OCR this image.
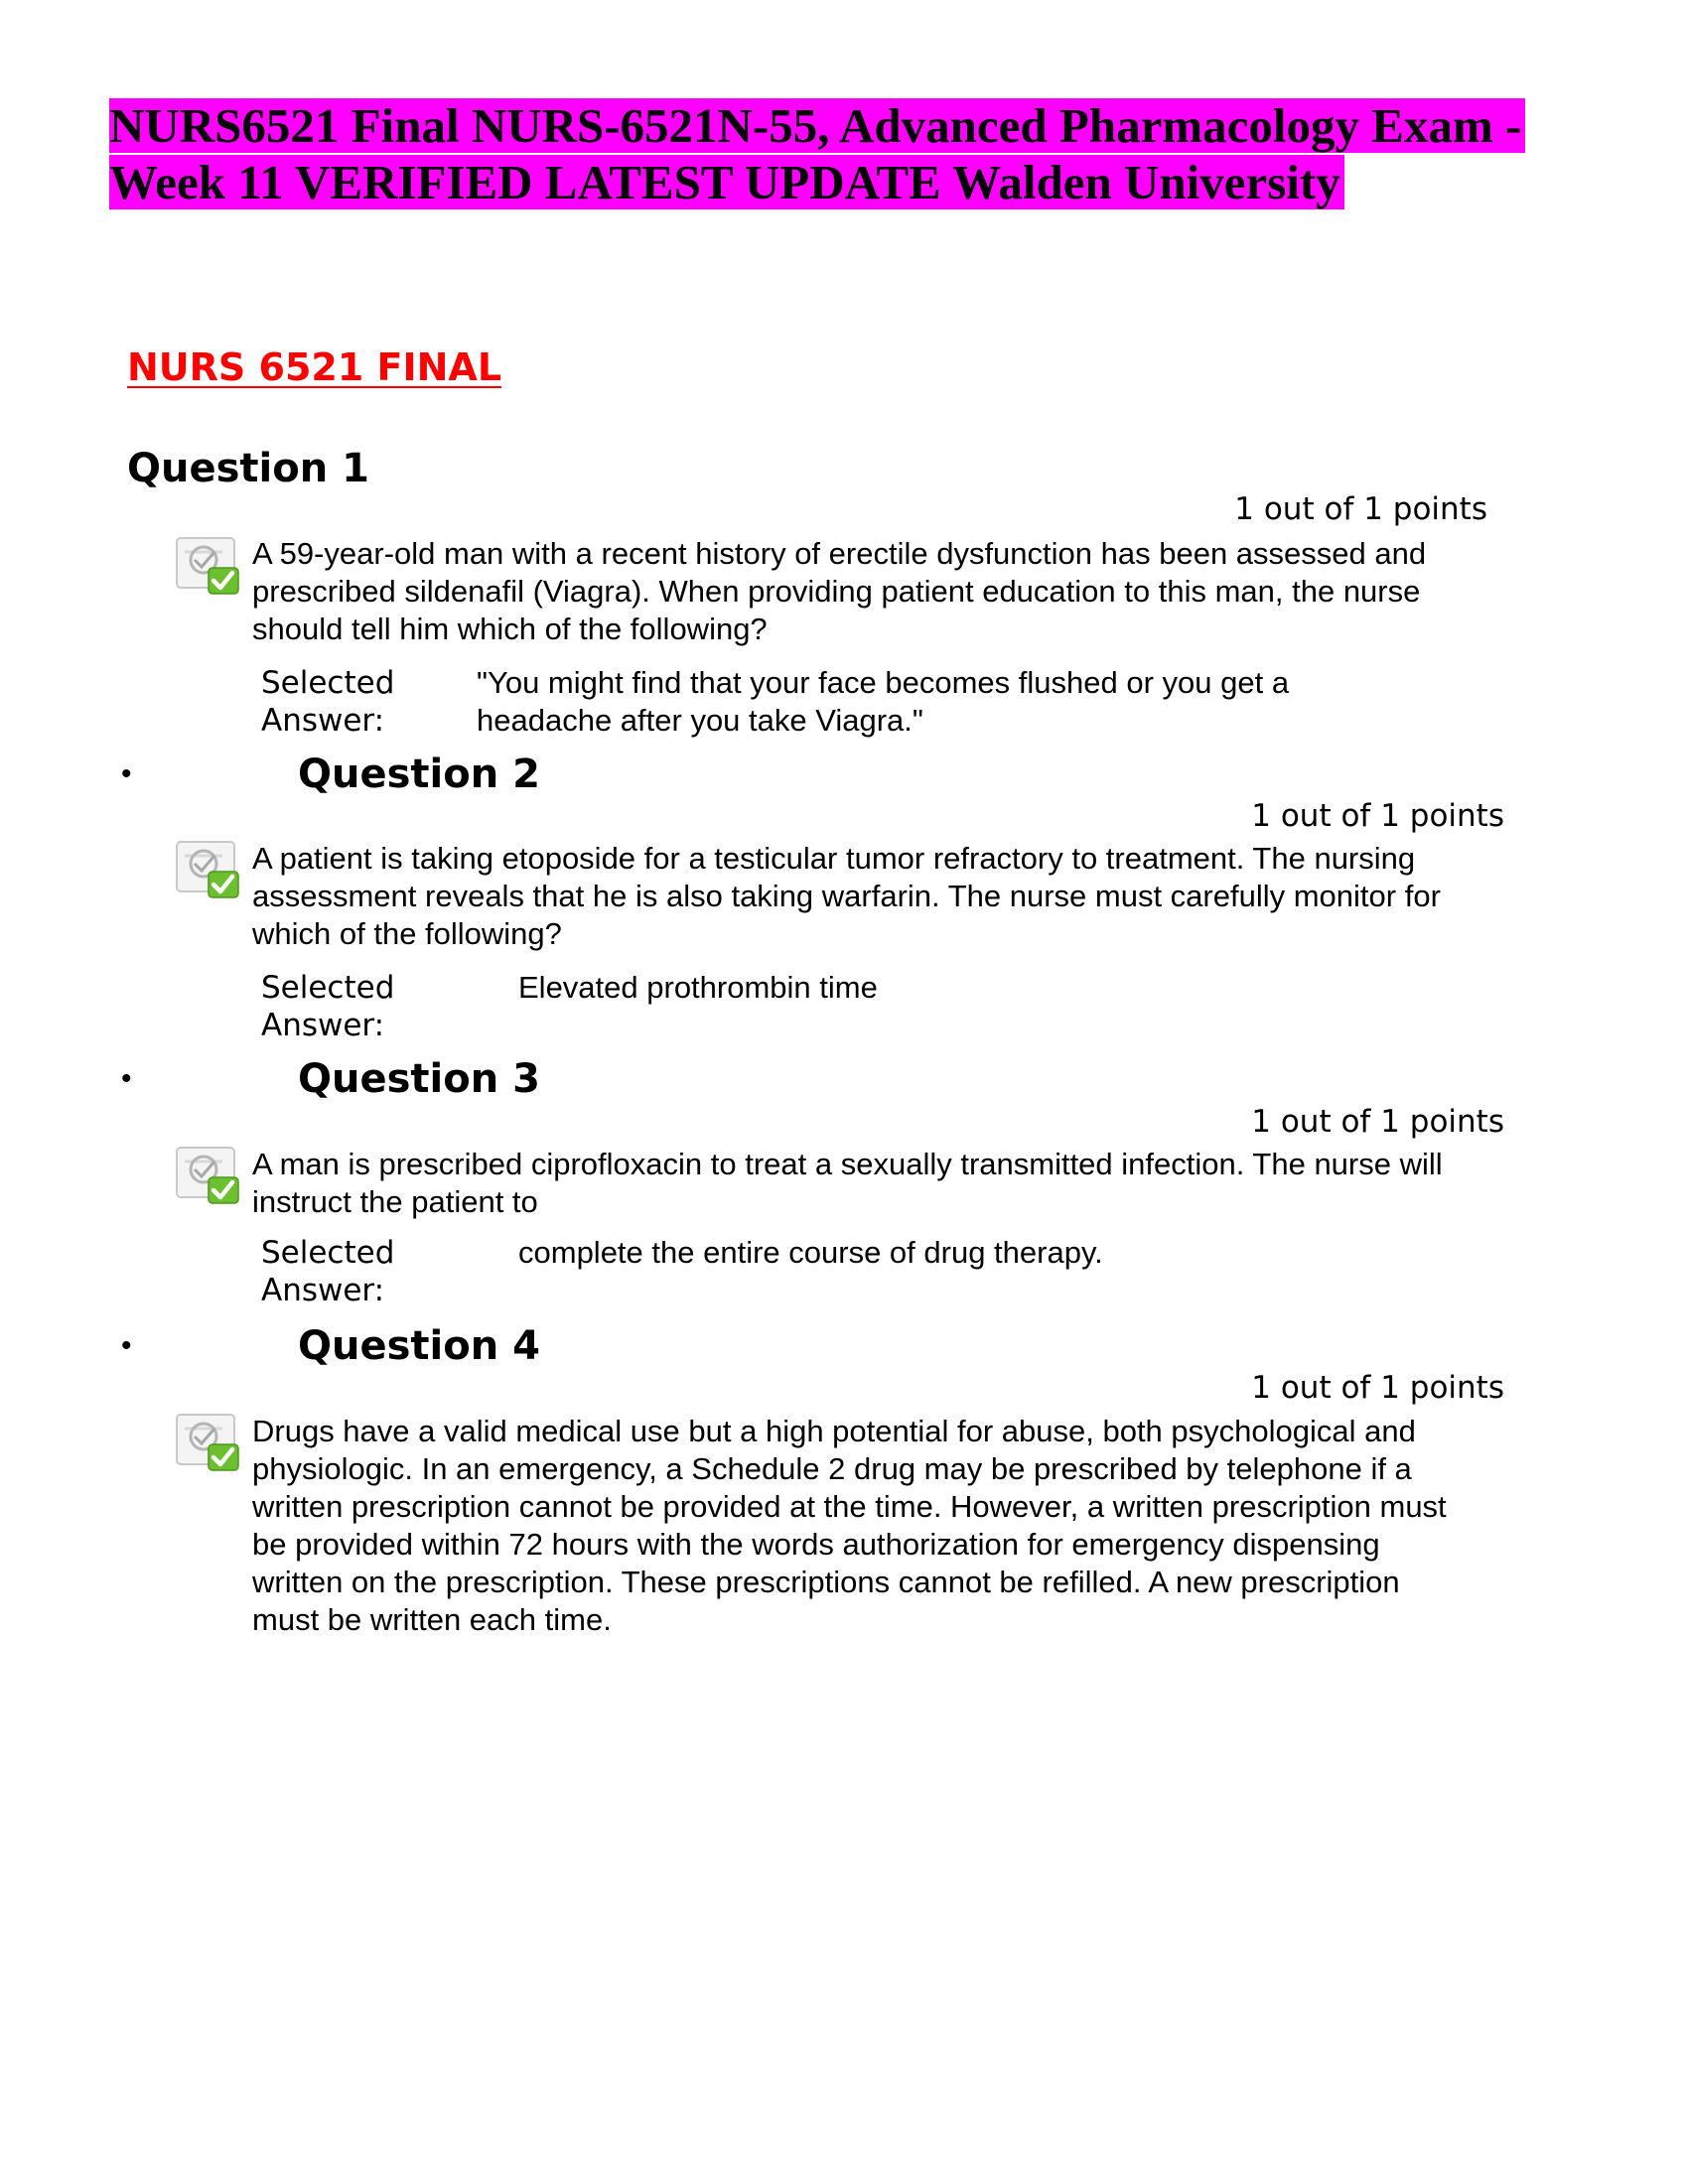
NURS6521 Final NURS-6521N-55, Advanced Pharmacology Exam - Week 11 VERIFIED LATEST UPDATE Walden University
NURS 6521 FINAL
Question 1
1 out of 1 points

A 59-year-old man with a recent history of erectile dysfunction has been assessed and prescribed sildenafil (Viagra). When providing patient education to this man, the nurse should tell him which of the following?

Selected Answer:

"You might find that your face becomes flushed or you get a headache after you take Viagra."

•	Question 2
1 out of 1 points

A patient is taking etoposide for a testicular tumor refractory to treatment. The nursing assessment reveals that he is also taking warfarin. The nurse must carefully monitor for which of the following?

Selected Answer:

Elevated prothrombin time

•	Question 3
1 out of 1 points

A man is prescribed ciprofloxacin to treat a sexually transmitted infection. The nurse will instruct the patient to

Selected Answer:

complete the entire course of drug therapy.

•	Question 4
1 out of 1 points

Drugs have a valid medical use but a high potential for abuse, both psychological and physiologic. In an emergency, a Schedule 2 drug may be prescribed by telephone if a written prescription cannot be provided at the time. However, a written prescription must be provided within 72 hours with the words authorization for emergency dispensing written on the prescription. These prescriptions cannot be refilled. A new prescription must be written each time.
